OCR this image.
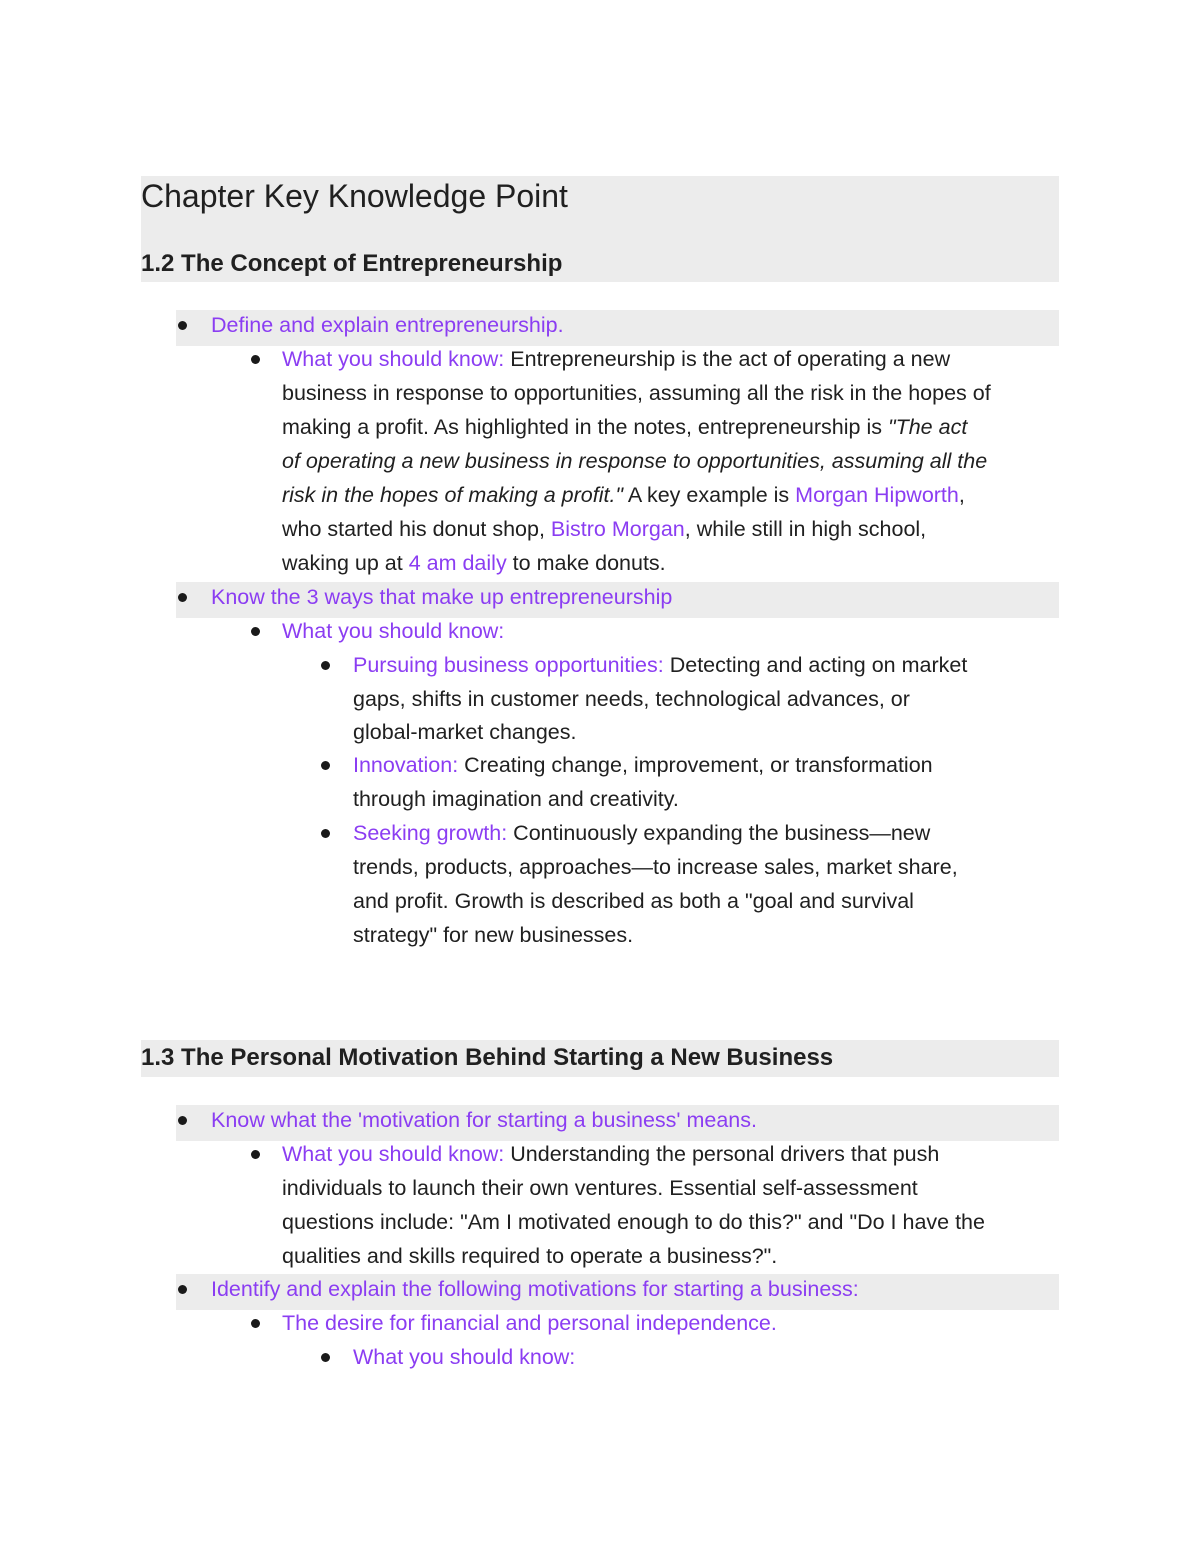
Chapter Key Knowledge Point
1.2 The Concept of Entrepreneurship
Define and explain entrepreneurship.
What you should know: Entrepreneurship is the act of operating a new
business in response to opportunities, assuming all the risk in the hopes of
making a profit. As highlighted in the notes, entrepreneurship is "The act
of operating a new business in response to opportunities, assuming all the
risk in the hopes of making a profit." A key example is Morgan Hipworth,
who started his donut shop, Bistro Morgan, while still in high school,
waking up at 4 am daily to make donuts.
Know the 3 ways that make up entrepreneurship
What you should know:
Pursuing business opportunities: Detecting and acting on market
gaps, shifts in customer needs, technological advances, or
global-market changes.
Innovation: Creating change, improvement, or transformation
through imagination and creativity.
Seeking growth: Continuously expanding the business—new
trends, products, approaches—to increase sales, market share,
and profit. Growth is described as both a "goal and survival
strategy" for new businesses.
1.3 The Personal Motivation Behind Starting a New Business
Know what the 'motivation for starting a business' means.
What you should know: Understanding the personal drivers that push
individuals to launch their own ventures. Essential self-assessment
questions include: "Am I motivated enough to do this?" and "Do I have the
qualities and skills required to operate a business?".
Identify and explain the following motivations for starting a business:
The desire for financial and personal independence.
What you should know:
